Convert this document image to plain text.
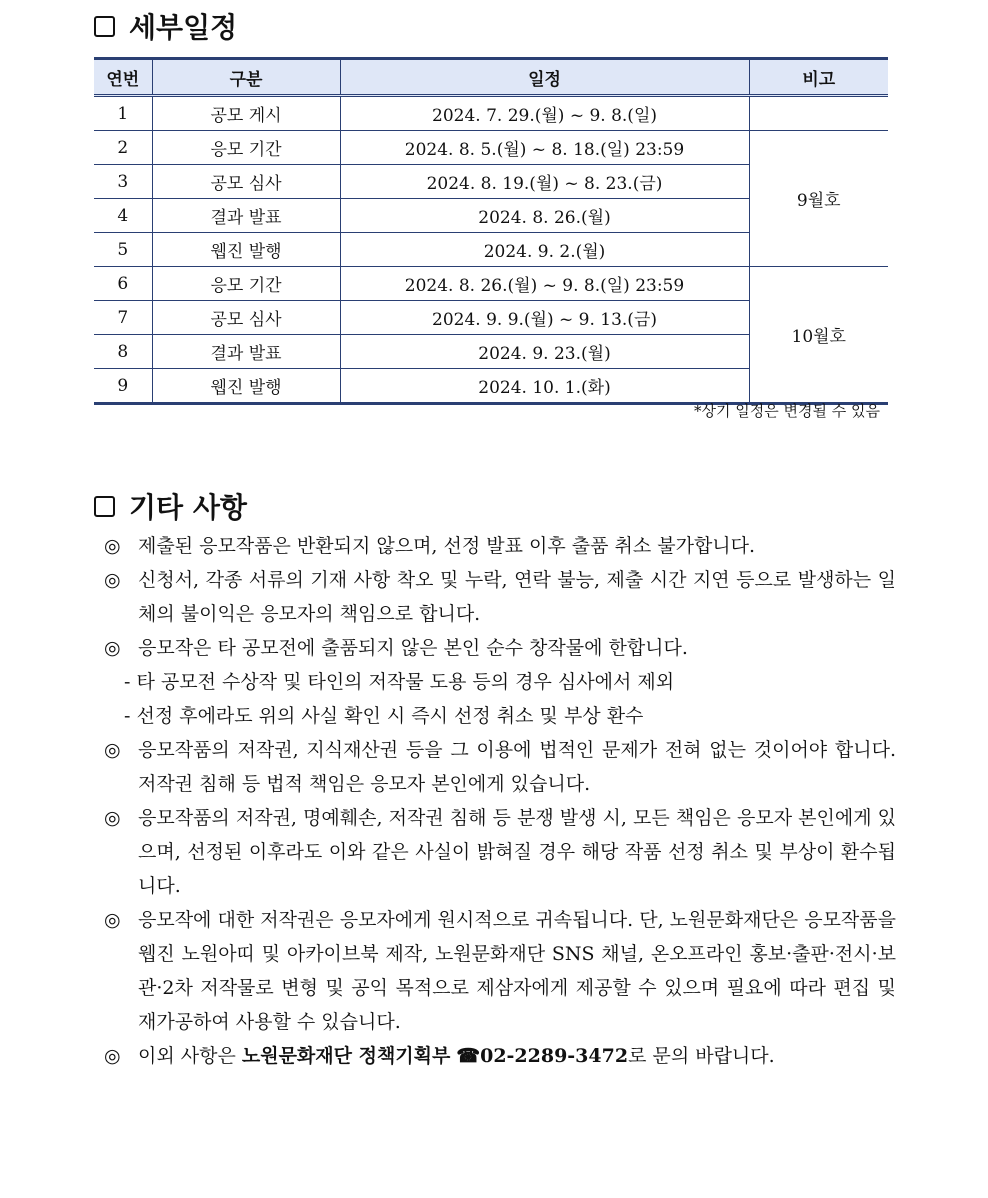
세부일정
연번	구분	일정	비고
1	공모 게시	2024. 7. 29.(월) ~ 9. 8.(일)	
2	응모 기간	2024. 8. 5.(월) ~ 8. 18.(일) 23:59	9월호
3	공모 심사	2024. 8. 19.(월) ~ 8. 23.(금)	
4	결과 발표	2024. 8. 26.(월)	
5	웹진 발행	2024. 9. 2.(월)	
6	응모 기간	2024. 8. 26.(월) ~ 9. 8.(일) 23:59	10월호
7	공모 심사	2024. 9. 9.(월) ~ 9. 13.(금)	
8	결과 발표	2024. 9. 23.(월)	
9	웹진 발행	2024. 10. 1.(화)	
*상기 일정은 변경될 수 있음
기타 사항
◎ 제출된 응모작품은 반환되지 않으며, 선정 발표 이후 출품 취소 불가합니다.
◎ 신청서, 각종 서류의 기재 사항 착오 및 누락, 연락 불능, 제출 시간 지연 등으로 발생하는 일체의 불이익은 응모자의 책임으로 합니다.
◎ 응모작은 타 공모전에 출품되지 않은 본인 순수 창작물에 한합니다.
- 타 공모전 수상작 및 타인의 저작물 도용 등의 경우 심사에서 제외
- 선정 후에라도 위의 사실 확인 시 즉시 선정 취소 및 부상 환수
◎ 응모작품의 저작권, 지식재산권 등을 그 이용에 법적인 문제가 전혀 없는 것이어야 합니다. 저작권 침해 등 법적 책임은 응모자 본인에게 있습니다.
◎ 응모작품의 저작권, 명예훼손, 저작권 침해 등 분쟁 발생 시, 모든 책임은 응모자 본인에게 있으며, 선정된 이후라도 이와 같은 사실이 밝혀질 경우 해당 작품 선정 취소 및 부상이 환수됩니다.
◎ 응모작에 대한 저작권은 응모자에게 원시적으로 귀속됩니다. 단, 노원문화재단은 응모작품을 웹진 노원아띠 및 아카이브북 제작, 노원문화재단 SNS 채널, 온오프라인 홍보·출판·전시·보관·2차 저작물로 변형 및 공익 목적으로 제삼자에게 제공할 수 있으며 필요에 따라 편집 및 재가공하여 사용할 수 있습니다.
◎ 이외 사항은 노원문화재단 정책기획부 ☎02-2289-3472로 문의 바랍니다.
